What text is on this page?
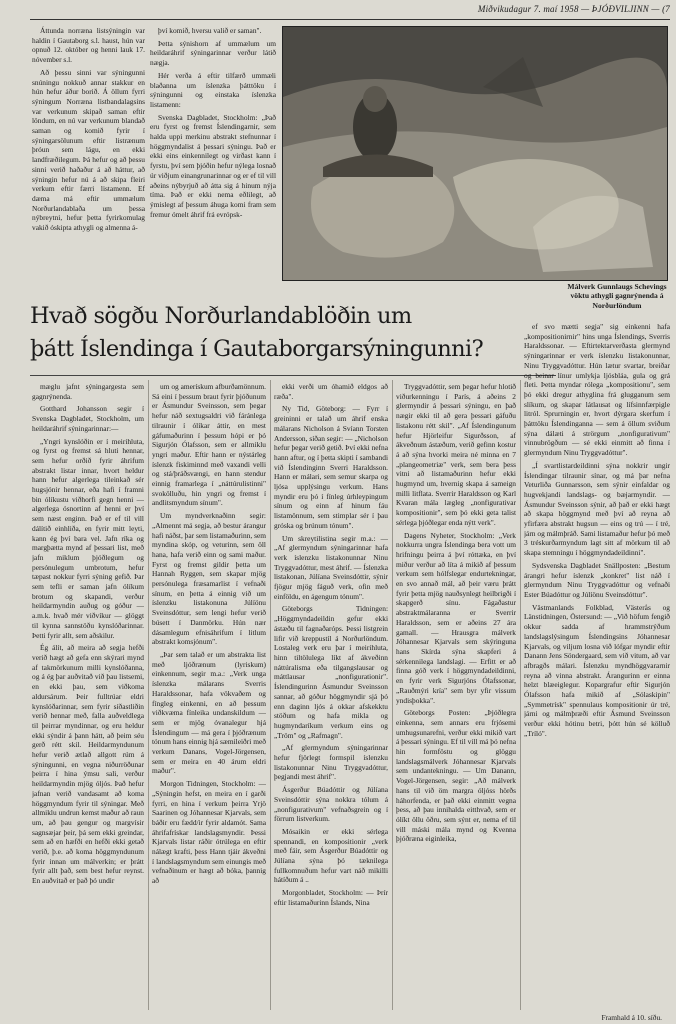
Miðvikudagur 7. maí 1958 — ÞJÓÐVILJINN — (7

Áttunda norræna listsýningin var haldin í Gautaborg s.l. haust, hún var opnuð 12. október og henni lauk 17. nóvember s.l.

Að þessu sinni var sýningunni snúningu nokkuð annar stakkur en hún hefur áður borið. Á öllum fyrri sýningum Norræna listbandalagsins var verkunum skipað saman eftir löndum, en nú var verkunum blandað saman og komið fyrir í sýningarsölunum eftir listrænum þróun sem lágu, en ekki landfræðilegum. Þá hefur og að þessu sinni verið haðaður á að háttur, að sýningin hefur nú á að skipa fleiri verkum eftir færri listamenn. Ef dæma má eftir ummælum Norðurlandablaða um þessa nýbreytni, hefur þetta fyrirkomulag vakið óskipta athygli og almenna á-

því komið, hversu valið er saman".

Þetta sýnishorn af ummælum um heildaráhrif sýningarinnar verður látið nægja.

Hér verða á eftir tilfærð ummæli blaðanna um íslenzka þátttöku í sýningunni og einstaka íslenzka listamenn:

Svenska Dagbladet, Stockholm: „Það eru fyrst og fremst Íslendingarnir, sem halda uppi merkinu abstrakt stefnunnar í höggmyndalist á þessari sýningu. Það er ekki eins einkennilegt og virðast kann í fyrstu, því sem þjóðin hefur nýlega losnað úr viðjum einangrunarinnar og er ef til vill aðeins nýbyrjuð að átta sig á hinum nýja tíma. Það er ekki nema eðlilegt, að ýmislegt af þessum áhuga komi fram sem fremur ómelt áhrif frá evrópsk-

Málverk Gunnlaugs Schevings vöktu athygli gagnrýnenda á Norðurlöndum
Hvað sögðu Norðurlandablöðin um
þátt Íslendinga í Gautaborgarsýningunni?

mæglu jafnt sýningargesta sem gagnrýnenda.

Gotthard Johansson segir í Svenska Dagbladet, Stockholm, um heildaráhrif sýningarinnar:—

„Yngri kynslóðin er í meirihluta, og fyrst og fremst sá hluti hennar, sem hefur orðið fyrir áhrifum abstrakt listar innar, hvort heldur hann hefur algerlega tileinkað sér hugsjónir hennar, eða hafi í framni bin ólíkustu viðhorfi gegn henni — algerlega ósnortinn af henni er því sem næst enginn. Það er ef til vill dálítið einhliða, en fyrir mitt leyti, kann ég því bara vel. Jafn ríka og margþætta mynd af þessari list, með jafn miklum þjóðlegum og persónulegum umbrotum, hefur tæpast nokkur fyrri sýning gefið. Þar sem tefli er saman jafn ólíkum brotum og skapandi, verður heildarmyndin auðug og góður — a.m.k. hvað mér viðvíkur — glöggt til kynna sannstöðu kynslóðarinnar. Þetti fyrir allt, sem aðskilur.

Ég álít, að meira að segja hefði verið hægt að gefa enn skýrari mynd af takmörkunum milli kynslóðanna, og á ég þar auðvitað við þau listsemi, en ekki þau, sem viðkoma aldursárum. Þeir fulltrúar eldri kynslóðarinnar, sem fyrir síðastliðin verið hennar með, falla auðveldlega til þeirrar myndinnar, og eru heldur ekki sýndir á þann hátt, að þeim séu gerð rétt skil. Heildarmyndunum hefur verið ætlað allgott rúm á sýningunni, en vegna niðurröðunar þeirra í hina ýmsu sali, verður heildarmyndin mjög óljós. Það hefur jafnan verið vandasamt að koma höggmyndum fyrir til sýningar. Með allmiklu undrun kemst maður að raun um, að þau gengur og margvísir sagnsæjar þeir, þá sem ekki greindar, sem að en hæfði en hefði ekki getað verið, þ.e. að koma höggmyndunum fyrir innan um málverkin; er þrátt fyrir allt það, sem best hefur reynst. En auðvitað er það þó undir

um og amerískum afburðamönnum. Sá eini í þessum braut fyrir þjóðunum er Ásmundur Sveinsson, sem þegar hefur náð sextugsaldri við fáránlega tilraunir í ólíkar áttir, en mest gáfumaðurinn í þessum hópi er þó Sigurjón Ólafsson, sem er allmiklu yngri maður. Eftir hann er nýstárleg íslenzk fiskiminnd með vaxandi velli og stá/þráðsvængi, en hann stendur einnig framarlega í „náttúrulistinni" svokölluðu, hin yngri og fremst í andlitsmyndum sínum".

Um myndverknaðinn segir: „Almennt má segja, að bestur árangur hafi náðst, þar sem listamaðurinn, sem myndina skóp, og veturinn, sem öll hana, hafa verið einn og sami maður. Fyrst og fremst gildir þetta um Hannah Ryggen, sem skapar mjög persónulega fræsamarlist í vefnaði sínum, en þetta á einnig við um íslenzku listakonuna Júlíönu Sveinsdóttur, sem lengi hefur verið búsett í Danmörku. Hún nær dásamlegum efnisáhrifum í litlum abstrakt komsjónum".

„Þar sem talað er um abstrakta list með ljóðrænum (lyriskum) einkennum, segir m.a.: „Verk unga íslenzka málarans Sverris Haraldssonar, hafa vökvaðem og fíngleg einkenni, en að þessum viðkvæma fínleika undanskildum — sem er mjög óvanalegur hjá Íslendingum — má gera í þjóðrænum tónum hans einnig hjá sæmileiðri með verkum Danans, Vogel-Jörgensen, sem er meira en 40 árum eldri maður".

Morgon Tidningen, Stockholm: — „Sýningin hefst, en meira en í garði fyrri, en hina í verkum þeirra Yrjö Saarinen og Jóhannesar Kjarvals, sem báðir eru fædd/ir fyrir aldamót. Sama áhrifafrískar landslagsmyndir. Þessi Kjarvals listar ráðir ótrúlega en eftir nálægt krafti, þess Hann tjáir ákveðni í landslagsmyndum sem einungis með vefnaðinum er hægt að bóka, þannig að

ekki verði um óhamið eldgos að ræða".

Ny Tid, Göteborg: — Fyrr í greininni er talað um áhrif enska málarans Nicholson á Svíann Torsten Andersson, síðan segir: — „Nicholson hefur þegar verið getið. Því ekki nefna hann aftur, og í þetta skipti í sambandi við Íslendinginn Sverri Haraldsson. Hann er málari, sem semur skarpa og ljósa upplýsingu verkum. Hans myndir eru þó í fínleg úrhleypingum sínum og einn af hinum fáu listamönnum, sem stimplar sér í þau gróska og brúnum tónum".

Um skreytilistina segir m.a.: — „Af glermyndum sýningarinnar hafa verk íslenzku listakonunnar Ninu Tryggvadóttur, mest áhrif. — Íslenzka listakonan, Júlíana Sveinsdóttir, sýnir fjögur mjög fáguð verk, ofin með einföldu, en ágengum tónum".

Göteborgs Tidningen: „Höggmyndadeildin gefur ekki ástæðu til fagnaðaróps. Þessi listgrein lifir við kreppustíl á Norðurlöndum. Lostaleg verk eru þar í meirihluta, hinn tiltölulega líkt af ákveðinn náttúralisma eða tilgangslausar og máttlausar „nonfigurationir". Íslendingurinn Ásmundur Sveinsson sannar, að góður höggmyndir sjá þó enn daginn ljós á okkar afskekktu stöðum og hafa mikla og hugmyndaríkum verkum eins og „Tröm" og „Rafmagn".

„Af glermyndum sýningarinnar hefur fjörlegt formspil íslenzku listakonunnar Ninu Tryggvadóttur, þegjandi mest áhrif".

Ásgerður Búadóttir og Júlíana Sveinsdóttir sýna nokkra tólum á „nonfigurativum" vefnaðsgrein og í förrum listverkum.

Mósaikin er ekki sérlega spennandi, en kompositionir „verk með fáir, sem Ásgerður Búadóttir og Júlíana sýna þó tæknilega fullkomnuðum hefur vart náð mikilli hátíðum á ..

Morgonbladet, Stockholm: — Þrír eftir listamaðurinn Íslands, Nina

Tryggvadóttir, sem þegar hefur hlotið viðurkenningu í París, á aðeins 2 glermyndir á þessari sýningu, en það nægir ekki til að gera þessari gáfuðu listakonu rétt skil". „Af Íslendingunum hefur Hjörleifur Sigurðsson, af ákveðnum ástæðum, verið gefinn kostur á að sýna hvorki meira né minna en 7 „plangeometriæ" verk, sem bera þess vitni að listamaðurinn hefur ekki hugmynd um, hvernig skapa á sameign milli litflata. Sverrir Haraldsson og Karl Kvaran mála lægleg „nonfigurativar kompositionir", sem þó ekki geta talist sérlega þjóðlegar enda nýtt verk".

Dagens Nyheter, Stockholm: „Verk nokkurra ungra Íslendinga bera vott um hrifningu þeirra á því róttæka, en því miður verður að líta á mikið af þessum verkum sem hólfslegar endurtekningar, en svo annað mál, að þeir væru þrátt fyrir þetta mjög nauðsynlegt heilbrigði í skapgerð sínu. Fágaðastur abstraktmálaranna er Sverrir Haraldsson, sem er aðeins 27 ára gamall. — Hrausgra málverk Jóhannesar Kjarvals sem skýringuna hans Skírda sýna skapferi á sérkennilega landslagi. — Erfitt er að finna góð verk í höggmyndadeildinni, en fyrir verk Sigurjóns Ólafssonar, „Rauðmýri kría" sem byr yfir vissum yndisþokka".

Göteborgs Posten: „Þjóðlegra einkenna, sem annars eru frjósemi umhugsunarefni, verður ekki mikið vart á þessari sýningu. Ef til vill má þó nefna hin formföstu og glöggu landslagsmálverk Jóhannesar Kjarvals sem undantekningu. — Um Danann, Vogel-Jörgensen, segir: „Að málverk hans til við öm margra óljóss hörðs háhorfenda, er það ekki einmitt vegna þess, að þau innihalda eitthvað, sem er ólíkt öllu öðru, sem sýnt er, nema ef til vill máski mála mynd og Kvenna þjóðræna eiginleika,

ef svo mætti segja" sig einkenni hafa „kompositionirnir" hins unga Íslendings, Sverris Haraldssonar. — Eftirtektarverðasta glermynd sýningarinnar er verk íslenzku listakonunnar, Ninu Tryggvadóttur. Hún lætur svartar, breiðar og beinar línur umlykja ljósbláa, gula og grá fleti. Þetta myndar rólega „kompositionu", sem þó ekki dregur athyglina frá glugganum sem slíkum, og skapar látlausat og lífsinnfærpigle litról. Sprurningin er, hvort dýrgara skerfum í þátttöku Íslendinganna — sem á öllum sviðum sýna dálæti á strörgum „nonfigurativum" vinnubrögðum — sé ekki einmitt að finna í glermyndum Ninu Tryggvadóttur".

„Í svartlistardeildinni sýna nokkrir ungir Íslendingar tilraunir sínar, og má þar nefna Veturliða Gunnarsson, sem sýnir einfaldar og hugvekjandi landslags- og bæjarmyndir. — Ásmundur Sveinsson sýnir, að það er ekki hægt að skapa höggmynd með því að reyna að yfirfæra abstrakt hugsun — eins og trú — í tré, járn og málmþráð. Sami listamaður hefur þó með 3 tréskurðarmyndum lagt sitt af mörkum til að skapa stemningu í höggmyndadeildinni".

Sydsvenska Dagbladet Snällposten: „Bestum árangri hefur íslenzk „konkret" list náð í glermyndum Ninu Tryggvadóttur og vefnaði Ester Búadóttur og Júlíönu Sveinsdóttur".

Västmanlands Folkblad, Västerås og Länstidningen, Östersund: — „Við höfum fengið okkur sadda af hrammstrýðum landslagslýsingum Íslendingsins Jóhannesar Kjarvals, og viljum losna við lófgar myndir eftir Danann Jens Söndergaard, sem við vitum, að var afbragðs málari. Íslenzku myndhöggvararnir reyna að vinna abstrakt. Árangurinn er einna helzt blæeiglegur. Kopargrafur eftir Sigurjón Ólafsson hafa mikið af „Sólaskipin" „Symmetrísk" spennulaus kompositionir úr tré, járni og málmþræði eftir Ásmund Sveinsson verður ekki hótinu betri, þótt hún sé kölluð „Tríló".

Framhald á 10. síðu.
